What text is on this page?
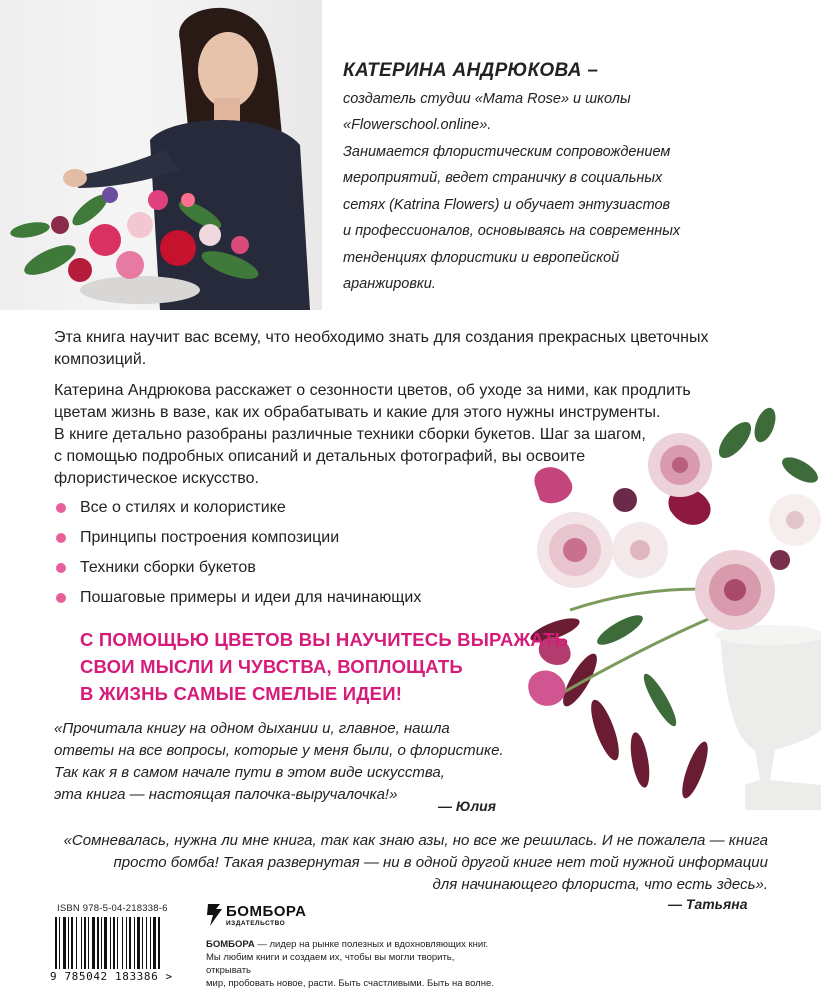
КАТЕРИНА АНДРЮКОВА –
создатель студии «Mama Rose» и школы
«Flowerschool.online».
Занимается флористическим сопровождением
мероприятий, ведет страничку в социальных
сетях (Katrina Flowers) и обучает энтузиастов
и профессионалов, основываясь на современных
тенденциях флористики и европейской
аранжировки.
Эта книга научит вас всему, что необходимо знать для создания прекрасных цветочных
композиций.
Катерина Андрюкова расскажет о сезонности цветов, об уходе за ними, как продлить
цветам жизнь в вазе, как их обрабатывать и какие для этого нужны инструменты.
В книге детально разобраны различные техники сборки букетов. Шаг за шагом,
с помощью подробных описаний и детальных фотографий, вы освоите
флористическое искусство.
Все о стилях и колористике
Принципы построения композиции
Техники сборки букетов
Пошаговые примеры и идеи для начинающих
С ПОМОЩЬЮ ЦВЕТОВ ВЫ НАУЧИТЕСЬ ВЫРАЖАТЬ
СВОИ МЫСЛИ И ЧУВСТВА, ВОПЛОЩАТЬ
В ЖИЗНЬ САМЫЕ СМЕЛЫЕ ИДЕИ!
«Прочитала книгу на одном дыхании и, главное, нашла
ответы на все вопросы, которые у меня были, о флористике.
Так как я в самом начале пути в этом виде искусства,
эта книга — настоящая палочка-выручалочка!»
— Юлия
«Сомневалась, нужна ли мне книга, так как знаю азы, но все же решилась. И не пожалела — книга
просто бомба! Такая развернутая — ни в одной другой книге нет той нужной информации
для начинающего флориста, что есть здесь».
— Татьяна
ISBN 978-5-04-218338-6
9 785042 183386 >
БОМБОРА
ИЗДАТЕЛЬСТВО
БОМБОРА — лидер на рынке полезных и вдохновляющих книг.
Мы любим книги и создаем их, чтобы вы могли творить, открывать
мир, пробовать новое, расти. Быть счастливыми. Быть на волне.
